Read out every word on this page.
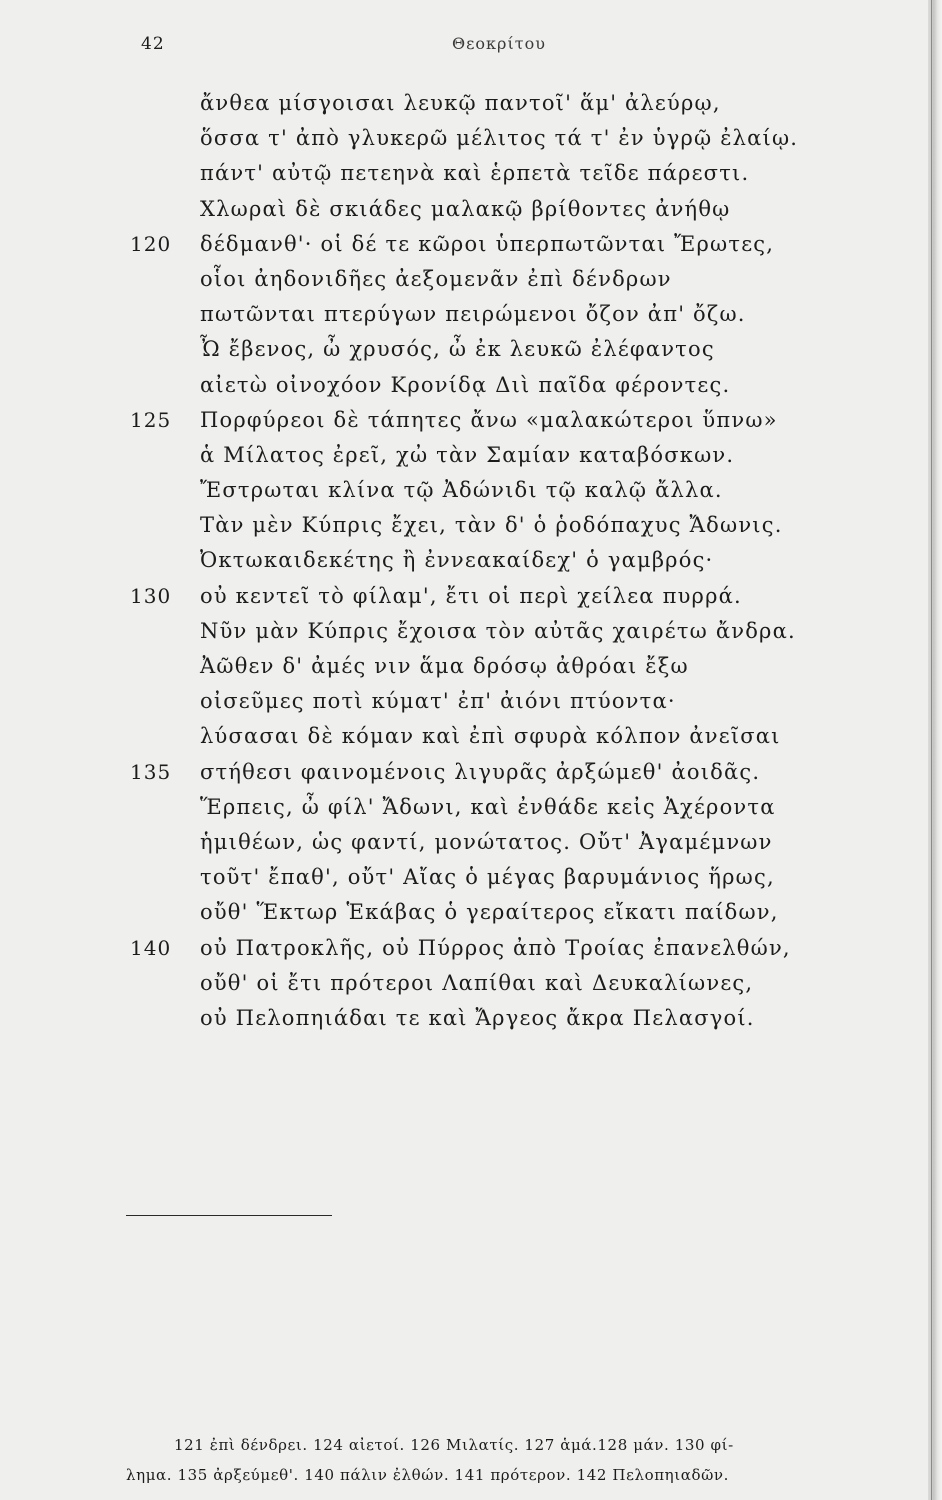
42	Θεοκρίτου
ἄνθεα μίσγοισαι λευκῷ παντοῖ' ἅμ' ἀλεύρῳ,
ὅσσα τ' ἀπὸ γλυκερῶ μέλιτος τά τ' ἐν ὑγρῷ ἐλαίῳ.
πάντ' αὐτῷ πετεηνὰ καὶ ἑρπετὰ τεῖδε πάρεστι.
Χλωραὶ δὲ σκιάδες μαλακῷ βρίθοντες ἀνήθῳ
120 δέδμανθ'· οἱ δέ τε κῶροι ὑπερπωτῶνται Ἔρωτες,
οἷοι ἀηδονιδῆες ἀεξομενᾶν ἐπὶ δένδρων
πωτῶνται πτερύγων πειρώμενοι ὄζον ἀπ' ὄζω.
Ὦ ἔβενος, ὦ χρυσός, ὦ ἐκ λευκῶ ἐλέφαντος
αἰετὼ οἰνοχόον Κρονίδᾳ Διὶ παῖδα φέροντες.
125 Πορφύρεοι δὲ τάπητες ἄνω «μαλακώτεροι ὕπνω»
ἁ Μίλατος ἐρεῖ, χὠ τὰν Σαμίαν καταβόσκων.
Ἔστρωται κλίνα τῷ Ἀδώνιδι τῷ καλῷ ἄλλα.
Τὰν μὲν Κύπρις ἔχει, τὰν δ' ὁ ῥοδόπαχυς Ἄδωνις.
Ὀκτωκαιδεκέτης ἢ ἐννεακαίδεχ' ὁ γαμβρός·
130 οὐ κεντεῖ τὸ φίλαμ', ἔτι οἱ περὶ χείλεα πυρρά.
Νῦν μὰν Κύπρις ἔχοισα τὸν αὐτᾶς χαιρέτω ἄνδρα.
Ἀῶθεν δ' ἀμές νιν ἅμα δρόσῳ ἀθρόαι ἔξω
οἰσεῦμες ποτὶ κύματ' ἐπ' ἀιόνι πτύοντα·
λύσασαι δὲ κόμαν καὶ ἐπὶ σφυρὰ κόλπον ἀνεῖσαι
135 στήθεσι φαινομένοις λιγυρᾶς ἀρξώμεθ' ἀοιδᾶς.
Ἕρπεις, ὦ φίλ' Ἄδωνι, καὶ ἐνθάδε κεἰς Ἀχέροντα
ἡμιθέων, ὡς φαντί, μονώτατος. Οὔτ' Ἀγαμέμνων
τοῦτ' ἔπαθ', οὔτ' Αἴας ὁ μέγας βαρυμάνιος ἥρως,
οὔθ' Ἕκτωρ Ἑκάβας ὁ γεραίτερος εἴκατι παίδων,
140 οὐ Πατροκλῆς, οὐ Πύρρος ἀπὸ Τροίας ἐπανελθών,
οὔθ' οἱ ἔτι πρότεροι Λαπίθαι καὶ Δευκαλίωνες,
οὐ Πελοπηιάδαι τε καὶ Ἄργεος ἄκρα Πελασγοί.
121 ἐπὶ δένδρει. 124 αἰετοί. 126 Μιλατίς. 127 ἁμά.128 μάν. 130 φί-
λημα. 135 ἀρξεύμεθ'. 140 πάλιν ἐλθών. 141 πρότερον. 142 Πελοπηιαδῶν.
